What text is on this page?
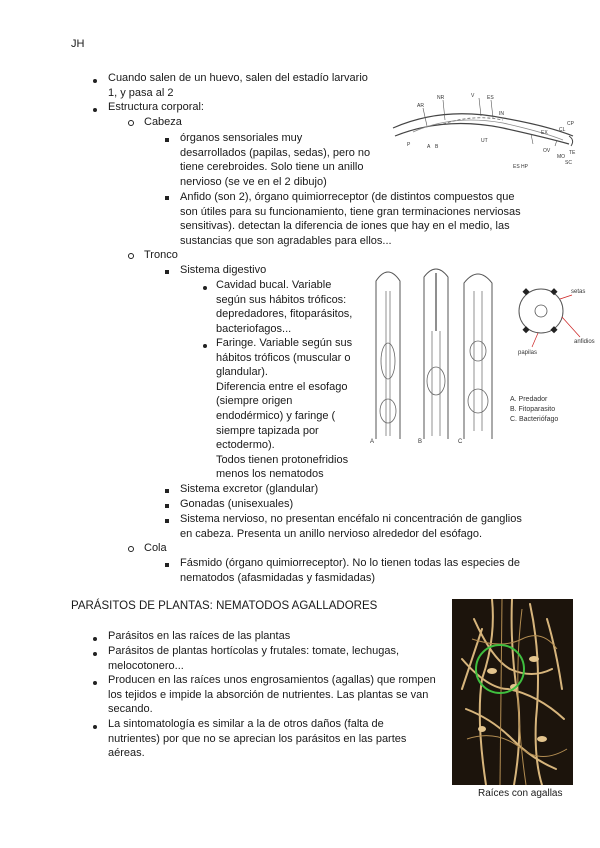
JH
Cuando salen de un huevo, salen del estadío larvario
1, y pasa al 2
Estructura corporal:
Cabeza
órganos sensoriales muy
desarrollados (papilas, sedas), pero no
tiene cerebroides. Solo tiene un anillo
nervioso (se ve en el 2 dibujo)
Anfido (son 2), órgano quimiorreceptor (de distintos compuestos que
son útiles para su funcionamiento, tiene gran terminaciones nerviosas
sensitivas). detectan la diferencia de iones que hay en el medio, las
sustancias que son agradables para ellos...
Tronco
Sistema digestivo
Cavidad bucal. Variable
según sus hábitos tróficos:
depredadores, fitoparásitos,
bacteriofagos...
Faringe. Variable según sus
hábitos tróficos (muscular o
glandular).
Diferencia entre el esofago
(siempre origen
endodérmico) y faringe (
siempre tapizada por
ectodermo).
Todos tienen protonefridios
menos los nematodos
Sistema excretor (glandular)
Gonadas (unisexuales)
Sistema nervioso, no presentan encéfalo ni concentración de ganglios
en cabeza. Presenta un anillo nervioso alrededor del esófago.
Cola
Fásmido (órgano quimiorreceptor). No lo tienen todas las especies de
nematodos (afasmidadas y fasmidadas)
PARÁSITOS DE PLANTAS: NEMATODOS AGALLADORES
Parásitos en las raíces de las plantas
Parásitos de plantas hortícolas y frutales: tomate, lechugas,
melocotonero...
Producen en las raíces unos engrosamientos (agallas) que rompen
los tejidos e impide la absorción de nutrientes. Las plantas se van
secando.
La sintomatología es similar a la de otros daños (falta de
nutrientes) por que no se aprecian los parásitos en las partes
aéreas.
AR
NR	V	ES
IN
P	A B
CP
CL
UT
EX
TE
OV
MO
SC
ES HP
setas
anfidios
papilas
A. Predador
B. Fitoparasito
C. Bacteriófago
A	B	C
Raíces con agallas
